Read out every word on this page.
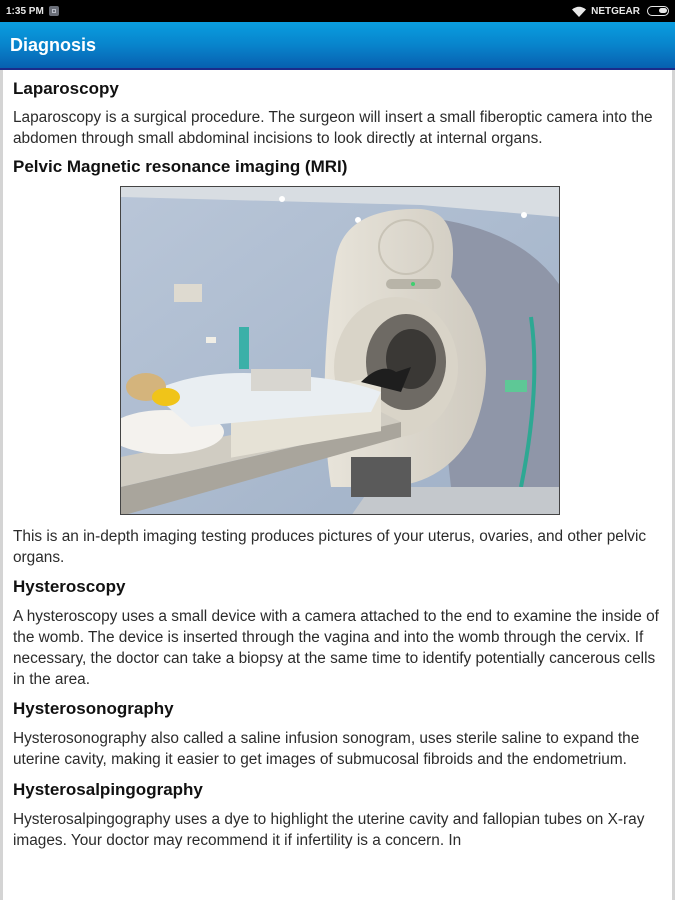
1:35 PM	NETGEAR
Diagnosis
Laparoscopy
Laparoscopy is a surgical procedure. The surgeon will insert a small fiberoptic camera into the abdomen through small abdominal incisions to look directly at internal organs.
Pelvic Magnetic resonance imaging (MRI)
This is an in-depth imaging testing produces pictures of your uterus, ovaries, and other pelvic organs.
Hysteroscopy
A hysteroscopy uses a small device with a camera attached to the end to examine the inside of the womb. The device is inserted through the vagina and into the womb through the cervix. If necessary, the doctor can take a biopsy at the same time to identify potentially cancerous cells in the area.
Hysterosonography
Hysterosonography also called a saline infusion sonogram, uses sterile saline to expand the uterine cavity, making it easier to get images of submucosal fibroids and the endometrium.
Hysterosalpingography
Hysterosalpingography uses a dye to highlight the uterine cavity and fallopian tubes on X-ray images. Your doctor may recommend it if infertility is a concern. In
